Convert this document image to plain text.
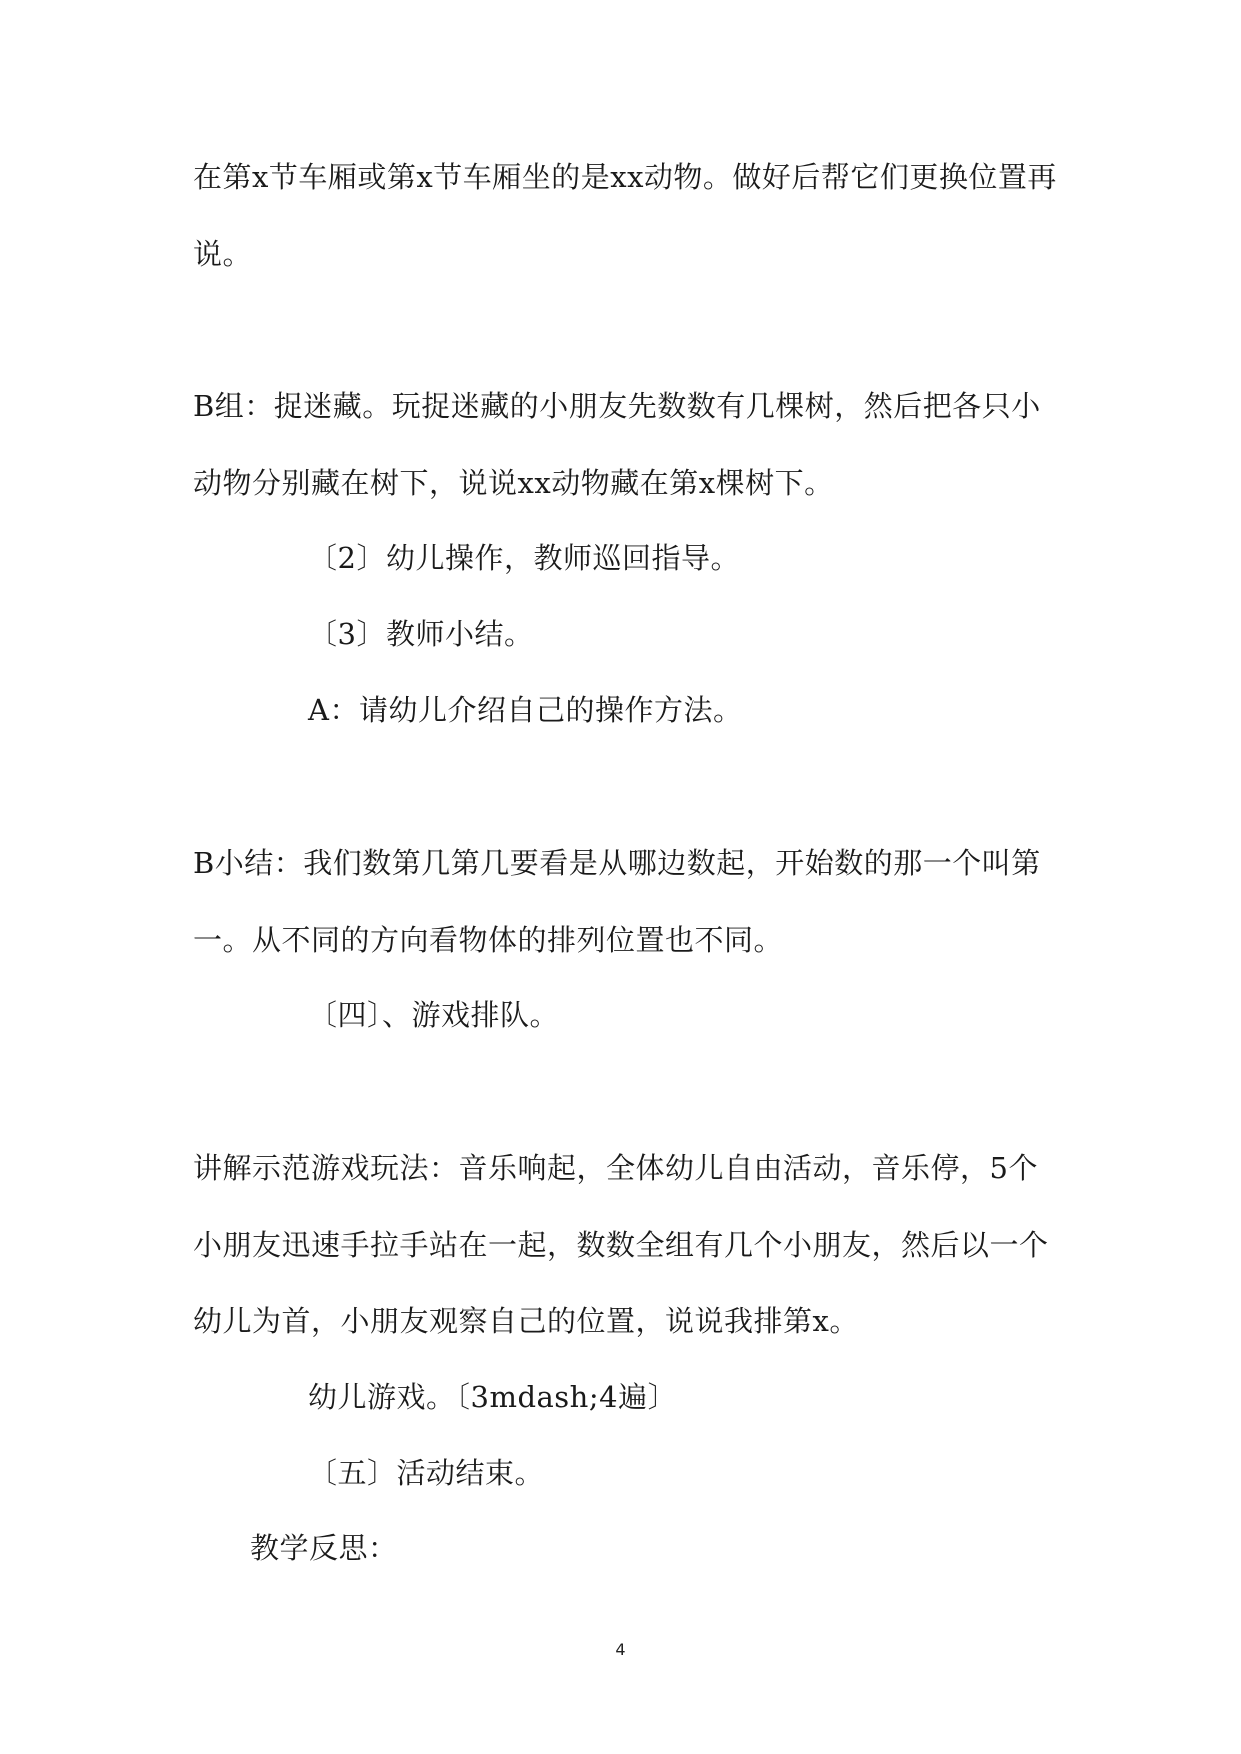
在第x节车厢或第x节车厢坐的是xx动物。做好后帮它们更换位置再
说。
B组：捉迷藏。玩捉迷藏的小朋友先数数有几棵树，然后把各只小
动物分别藏在树下，说说xx动物藏在第x棵树下。
〔2〕幼儿操作，教师巡回指导。
〔3〕教师小结。
A：请幼儿介绍自己的操作方法。
B小结：我们数第几第几要看是从哪边数起，开始数的那一个叫第
一。从不同的方向看物体的排列位置也不同。
〔四〕、游戏排队。
讲解示范游戏玩法：音乐响起，全体幼儿自由活动，音乐停，5个
小朋友迅速手拉手站在一起，数数全组有几个小朋友，然后以一个
幼儿为首，小朋友观察自己的位置，说说我排第x。
幼儿游戏。〔3mdash;4遍〕
〔五〕活动结束。
教学反思：
4
